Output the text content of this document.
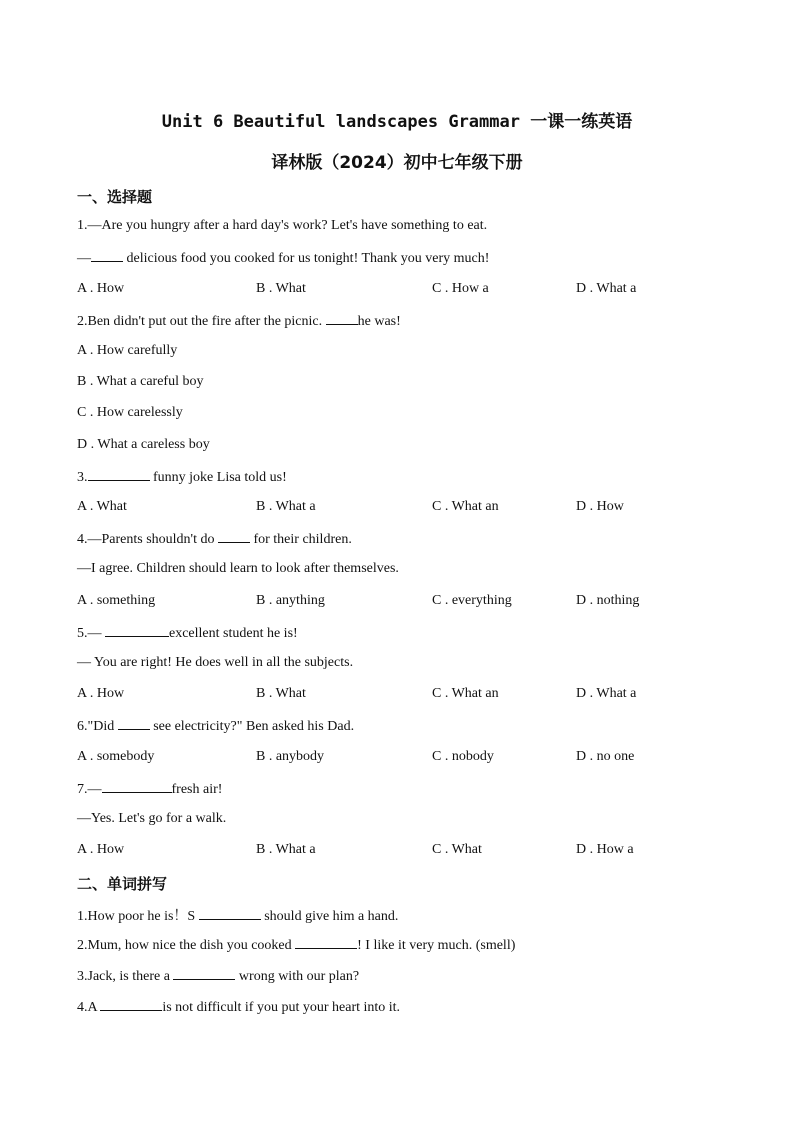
Unit 6 Beautiful landscapes Grammar 一课一练英语
译林版（2024）初中七年级下册
一、选择题
1.—Are you hungry after a hard day's work? Let's have something to eat.
— delicious food you cooked for us tonight! Thank you very much!
A . How	B . What	C . How a	D . What a
2.Ben didn't put out the fire after the picnic. he was!
A . How carefully
B . What a careful boy
C . How carelessly
D . What a careless boy
3.	funny joke Lisa told us!
A . What	B . What a	C . What an	D . How
4.—Parents shouldn't do  for their children.
—I agree. Children should learn to look after themselves.
A . something	B . anything	C . everything	D . nothing
5.—	excellent student he is!
— You are right! He does well in all the subjects.
A . How	B . What	C . What an	D . What a
6."Did  see electricity?" Ben asked his Dad.
A . somebody	B . anybody	C . nobody	D . no one
7.—	fresh air!
—Yes. Let's go for a walk.
A . How	B . What a	C . What	D . How a
二、单词拼写
1.How poor he is！S	should give him a hand.
2.Mum, how nice the dish you cooked	! I like it very much. (smell)
3.Jack, is there a	wrong with our plan?
4.A	is not difficult if you put your heart into it.
